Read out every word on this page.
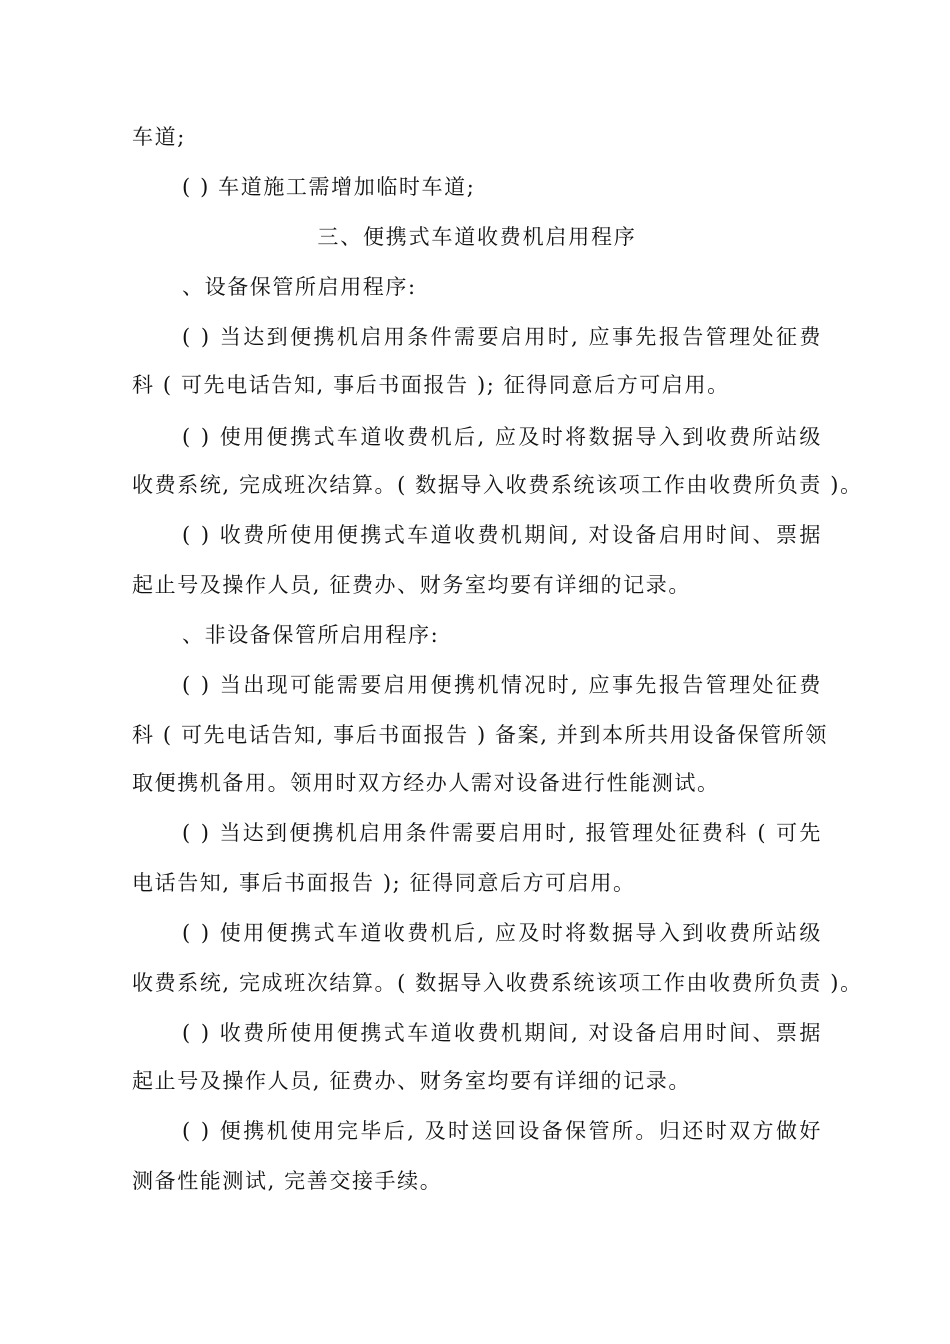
车道;
( ) 车道施工需增加临时车道;
三、便携式车道收费机启用程序
、设备保管所启用程序:
( ) 当达到便携机启用条件需要启用时, 应事先报告管理处征费
科 ( 可先电话告知, 事后书面报告 ); 征得同意后方可启用。
( ) 使用便携式车道收费机后, 应及时将数据导入到收费所站级
收费系统, 完成班次结算。( 数据导入收费系统该项工作由收费所负责 )。
( ) 收费所使用便携式车道收费机期间, 对设备启用时间、票据
起止号及操作人员, 征费办、财务室均要有详细的记录。
、非设备保管所启用程序:
( ) 当出现可能需要启用便携机情况时, 应事先报告管理处征费
科 ( 可先电话告知, 事后书面报告 ) 备案, 并到本所共用设备保管所领
取便携机备用。领用时双方经办人需对设备进行性能测试。
( ) 当达到便携机启用条件需要启用时, 报管理处征费科 ( 可先
电话告知, 事后书面报告 ); 征得同意后方可启用。
( ) 使用便携式车道收费机后, 应及时将数据导入到收费所站级
收费系统, 完成班次结算。( 数据导入收费系统该项工作由收费所负责 )。
( ) 收费所使用便携式车道收费机期间, 对设备启用时间、票据
起止号及操作人员, 征费办、财务室均要有详细的记录。
( ) 便携机使用完毕后, 及时送回设备保管所。归还时双方做好
测备性能测试, 完善交接手续。
